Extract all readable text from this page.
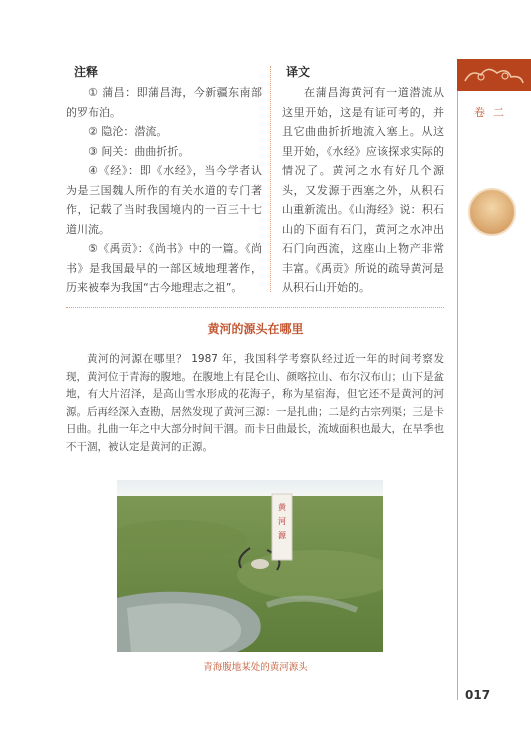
注释

① 蒲昌：即蒲昌海，今新疆东南部的罗布泊。

② 隐沦：潜流。

③ 间关：曲曲折折。

④《经》：即《水经》，当今学者认为是三国魏人所作的有关水道的专门著作，记载了当时我国境内的一百三十七道川流。

⑤《禹贡》：《尚书》中的一篇。《尚书》是我国最早的一部区域地理著作，历来被奉为我国“古今地理志之祖”。

译文
在蒲昌海黄河有一道潜流从这里开始，这是有证可考的，并且它曲曲折折地流入塞上。从这里开始，《水经》应该探求实际的情况了。黄河之水有好几个源头，又发源于西塞之外，从积石山重新流出。《山海经》说：积石山的下面有石门，黄河之水冲出石门向西流，这座山上物产非常丰富。《禹贡》所说的疏导黄河是从积石山开始的。
黄河的源头在哪里
黄河的河源在哪里？ 1987 年，我国科学考察队经过近一年的时间考察发现，黄河位于青海的腹地。在腹地上有昆仑山、颜喀拉山、布尔汉布山；山下是盆地，有大片沼泽，是高山雪水形成的花海子，称为星宿海，但它还不是黄河的河源。后再经深入查勘，居然发现了黄河三源：一是扎曲；二是约古宗列渠；三是卡日曲。扎曲一年之中大部分时间干涸。而卡日曲最长，流域面积也最大，在旱季也不干涸，被认定是黄河的正源。
黄
河
源
青海腹地某处的黄河源头
卷二
017
